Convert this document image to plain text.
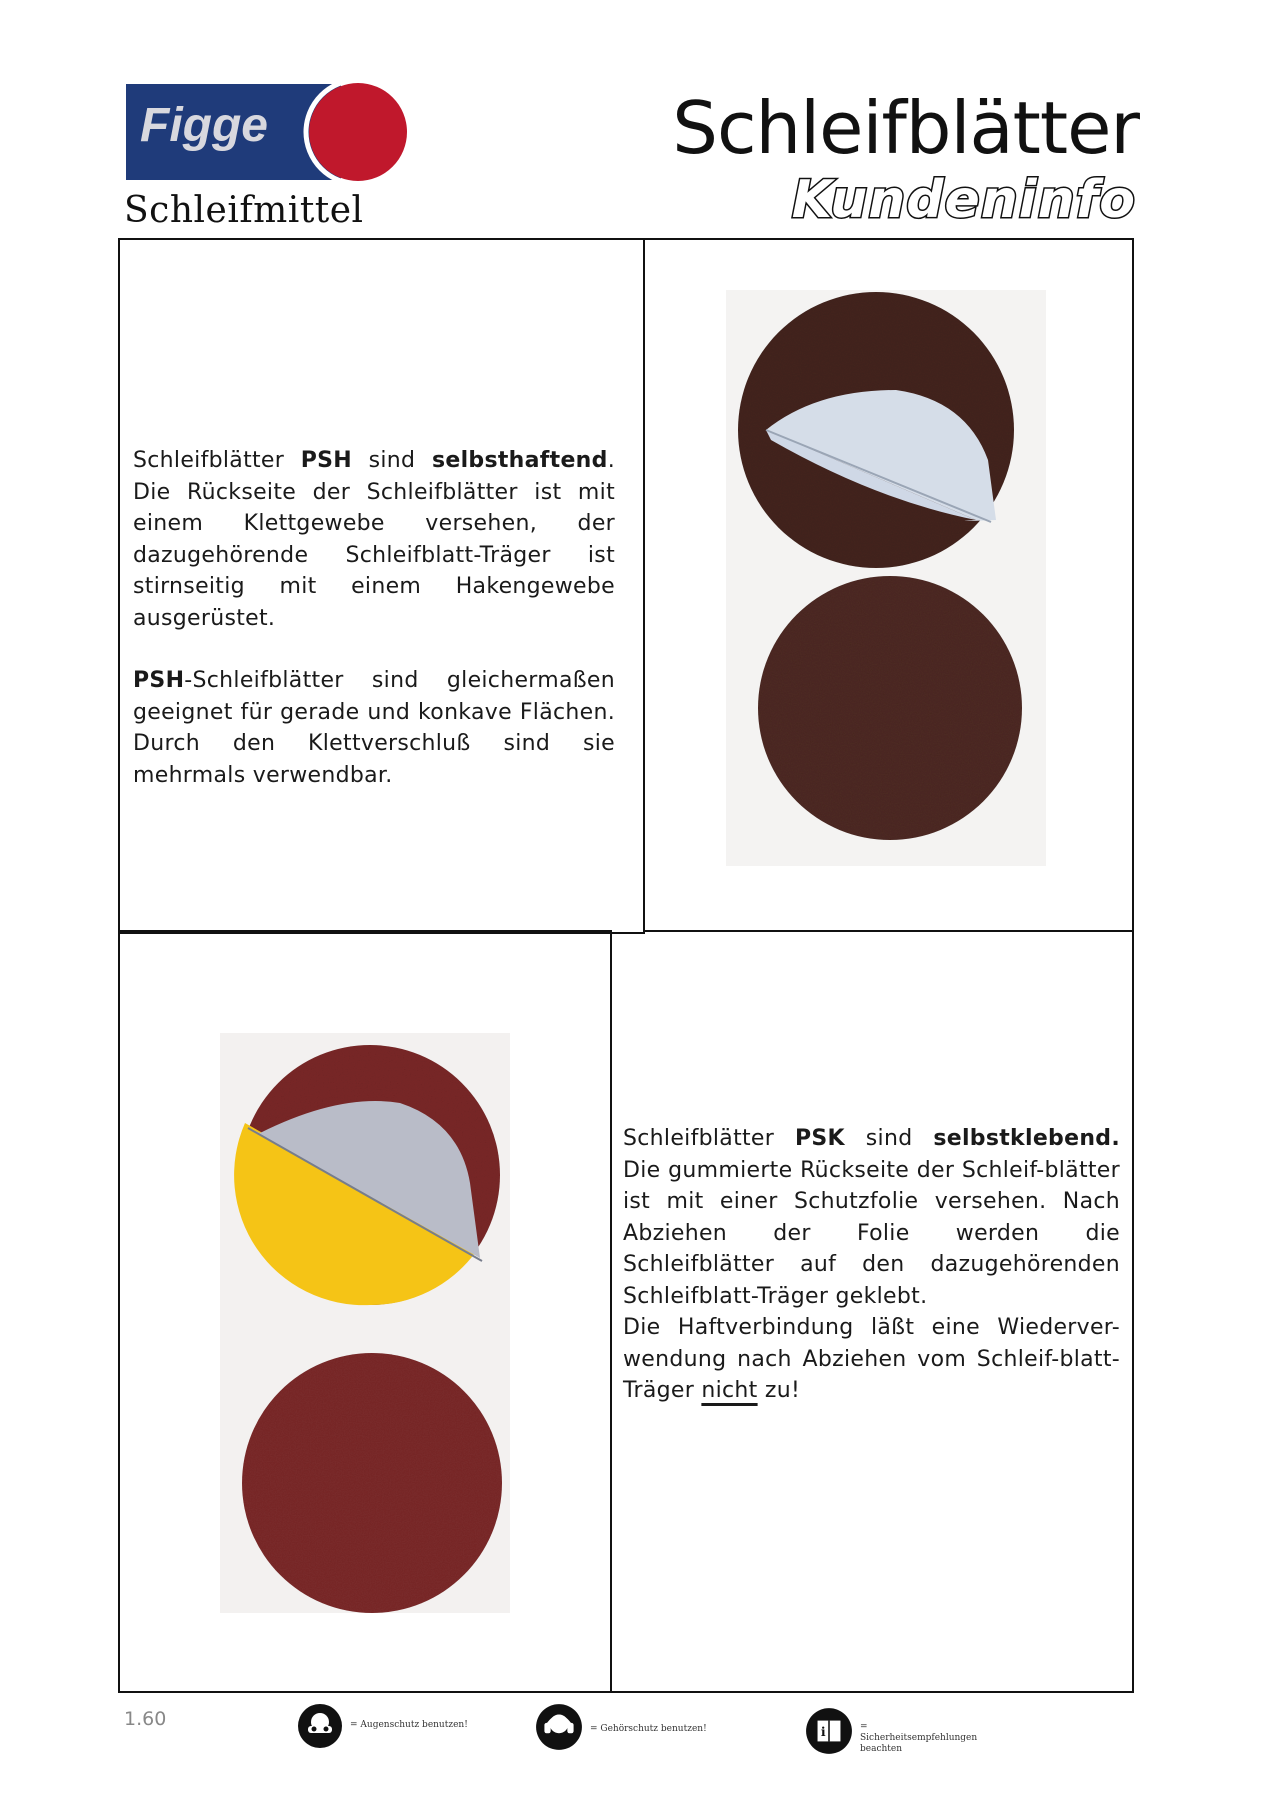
Figge
Schleifmittel
Schleifblätter
Kundeninfo

Schleifblätter PSH sind selbsthaftend. Die Rückseite der Schleifblätter ist mit einem Klettgewebe versehen, der dazugehörende Schleifblatt-Träger ist stirnseitig mit einem Hakengewebe ausgerüstet.

PSH-Schleifblätter sind gleichermaßen geeignet für gerade und konkave Flächen. Durch den Klettverschluß sind sie mehrmals verwendbar.

Schleifblätter PSK sind selbstklebend. Die gummierte Rückseite der Schleif-blätter ist mit einer Schutzfolie versehen. Nach Abziehen der Folie werden die Schleifblätter auf den dazugehörenden Schleifblatt-Träger geklebt.

Die Haftverbindung läßt eine Wiederver-wendung nach Abziehen vom Schleif-blatt-Träger nicht zu!

1.60	= Augenschutz benutzen!	= Gehörschutz benutzen!	i	= Sicherheitsempfehlungen beachten
